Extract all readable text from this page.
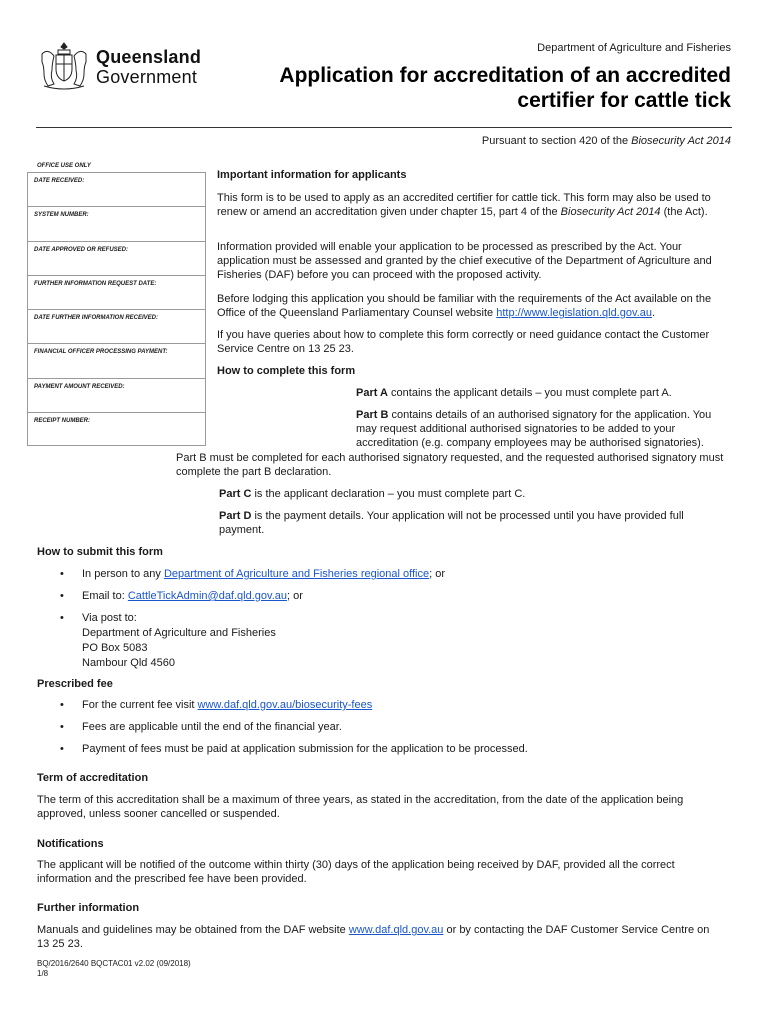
Queensland
Government
Department of Agriculture and Fisheries
Application for accreditation of an accredited certifier for cattle tick
Pursuant to section 420 of the Biosecurity Act 2014
OFFICE USE ONLY
DATE RECEIVED:
SYSTEM NUMBER:
DATE APPROVED OR REFUSED:
FURTHER INFORMATION REQUEST DATE:
DATE FURTHER INFORMATION RECEIVED:
FINANCIAL OFFICER PROCESSING PAYMENT:
PAYMENT AMOUNT RECEIVED:
RECEIPT NUMBER:
Important information for applicants

This form is to be used to apply as an accredited certifier for cattle tick. This form may also be used to renew or amend an accreditation given under chapter 15, part 4 of the Biosecurity Act 2014 (the Act).

Information provided will enable your application to be processed as prescribed by the Act. Your application must be assessed and granted by the chief executive of the Department of Agriculture and Fisheries (DAF) before you can proceed with the proposed activity.

Before lodging this application you should be familiar with the requirements of the Act available on the Office of the Queensland Parliamentary Counsel website http://www.legislation.qld.gov.au.

If you have queries about how to complete this form correctly or need guidance contact the Customer Service Centre on 13 25 23.

How to complete this form

Part A contains the applicant details – you must complete part A.

Part B contains details of an authorised signatory for the application. You may request additional authorised signatories to be added to your accreditation (e.g. company employees may be authorised signatories).

Part B must be completed for each authorised signatory requested, and the requested authorised signatory must complete the part B declaration.

Part C is the applicant declaration – you must complete part C.

Part D is the payment details. Your application will not be processed until you have provided full payment.

How to submit this form

• In person to any Department of Agriculture and Fisheries regional office; or

• Email to: CattleTickAdmin@daf.qld.gov.au; or

• Via post to:
Department of Agriculture and Fisheries
PO Box 5083
Nambour Qld 4560
Prescribed fee

• For the current fee visit www.daf.qld.gov.au/biosecurity-fees

• Fees are applicable until the end of the financial year.

• Payment of fees must be paid at application submission for the application to be processed.

Term of accreditation

The term of this accreditation shall be a maximum of three years, as stated in the accreditation, from the date of the application being approved, unless sooner cancelled or suspended.

Notifications

The applicant will be notified of the outcome within thirty (30) days of the application being received by DAF, provided all the correct information and the prescribed fee have been provided.

Further information

Manuals and guidelines may be obtained from the DAF website www.daf.qld.gov.au or by contacting the DAF Customer Service Centre on 13 25 23.

BQ/2016/2640 BQCTAC01 v2.02 (09/2018)
1/8
